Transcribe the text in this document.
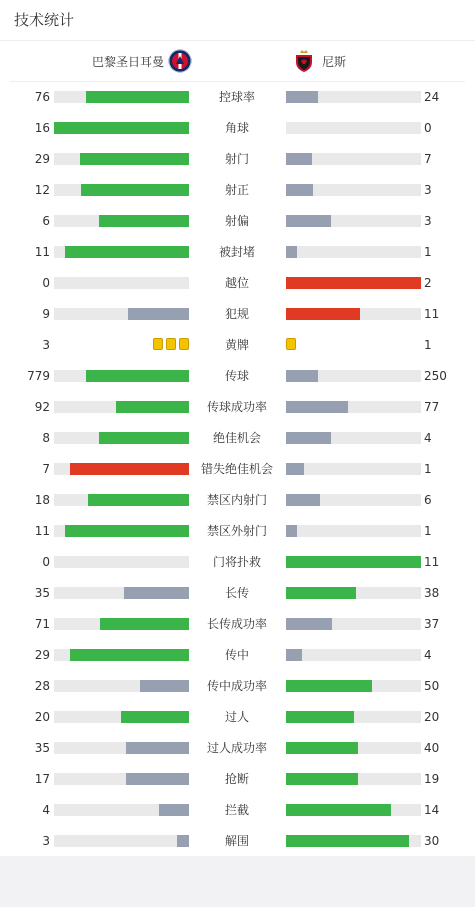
技术统计
巴黎圣日耳曼	尼斯
76	控球率	24
16	角球	0
29	射门	7
12	射正	3
6	射偏	3
11	被封堵	1
0	越位	2
9	犯规	11
3	黄牌	1
779	传球	250
92	传球成功率	77
8	绝佳机会	4
7	错失绝佳机会	1
18	禁区内射门	6
11	禁区外射门	1
0	门将扑救	11
35	长传	38
71	长传成功率	37
29	传中	4
28	传中成功率	50
20	过人	20
35	过人成功率	40
17	抢断	19
4	拦截	14
3	解围	30
